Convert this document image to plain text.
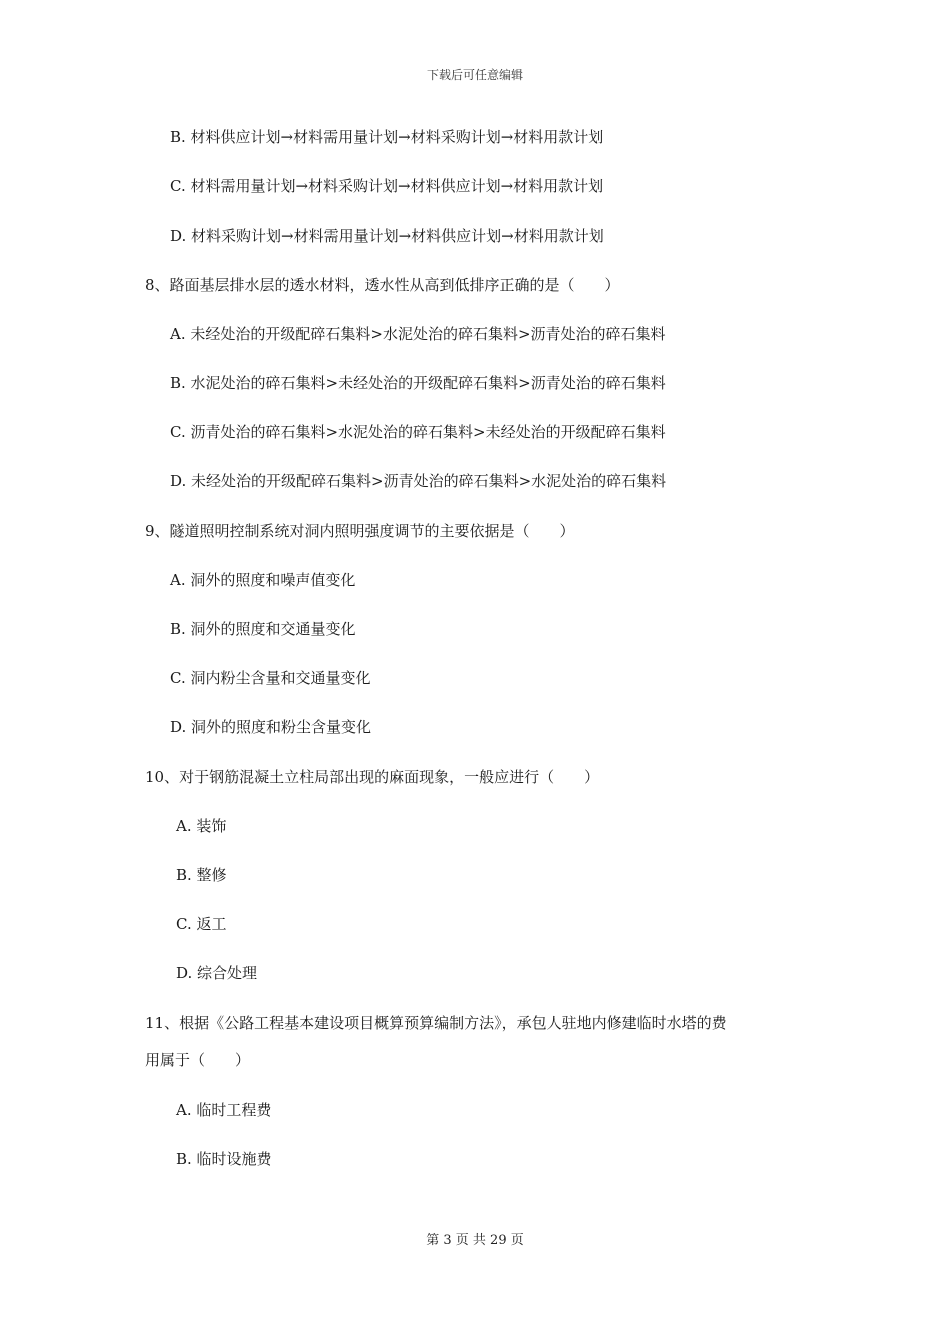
下载后可任意编辑
B. 材料供应计划→材料需用量计划→材料采购计划→材料用款计划
C. 材料需用量计划→材料采购计划→材料供应计划→材料用款计划
D. 材料采购计划→材料需用量计划→材料供应计划→材料用款计划
8、路面基层排水层的透水材料，透水性从高到低排序正确的是（　　）
A. 未经处治的开级配碎石集料>水泥处治的碎石集料>沥青处治的碎石集料
B. 水泥处治的碎石集料>未经处治的开级配碎石集料>沥青处治的碎石集料
C. 沥青处治的碎石集料>水泥处治的碎石集料>未经处治的开级配碎石集料
D. 未经处治的开级配碎石集料>沥青处治的碎石集料>水泥处治的碎石集料
9、隧道照明控制系统对洞内照明强度调节的主要依据是（　　）
A. 洞外的照度和噪声值变化
B. 洞外的照度和交通量变化
C. 洞内粉尘含量和交通量变化
D. 洞外的照度和粉尘含量变化
10、对于钢筋混凝土立柱局部出现的麻面现象，一般应进行（　　）
A. 装饰
B. 整修
C. 返工
D. 综合处理
11、根据《公路工程基本建设项目概算预算编制方法》，承包人驻地内修建临时水塔的费
用属于（　　）
A. 临时工程费
B. 临时设施费
第 3 页 共 29 页
